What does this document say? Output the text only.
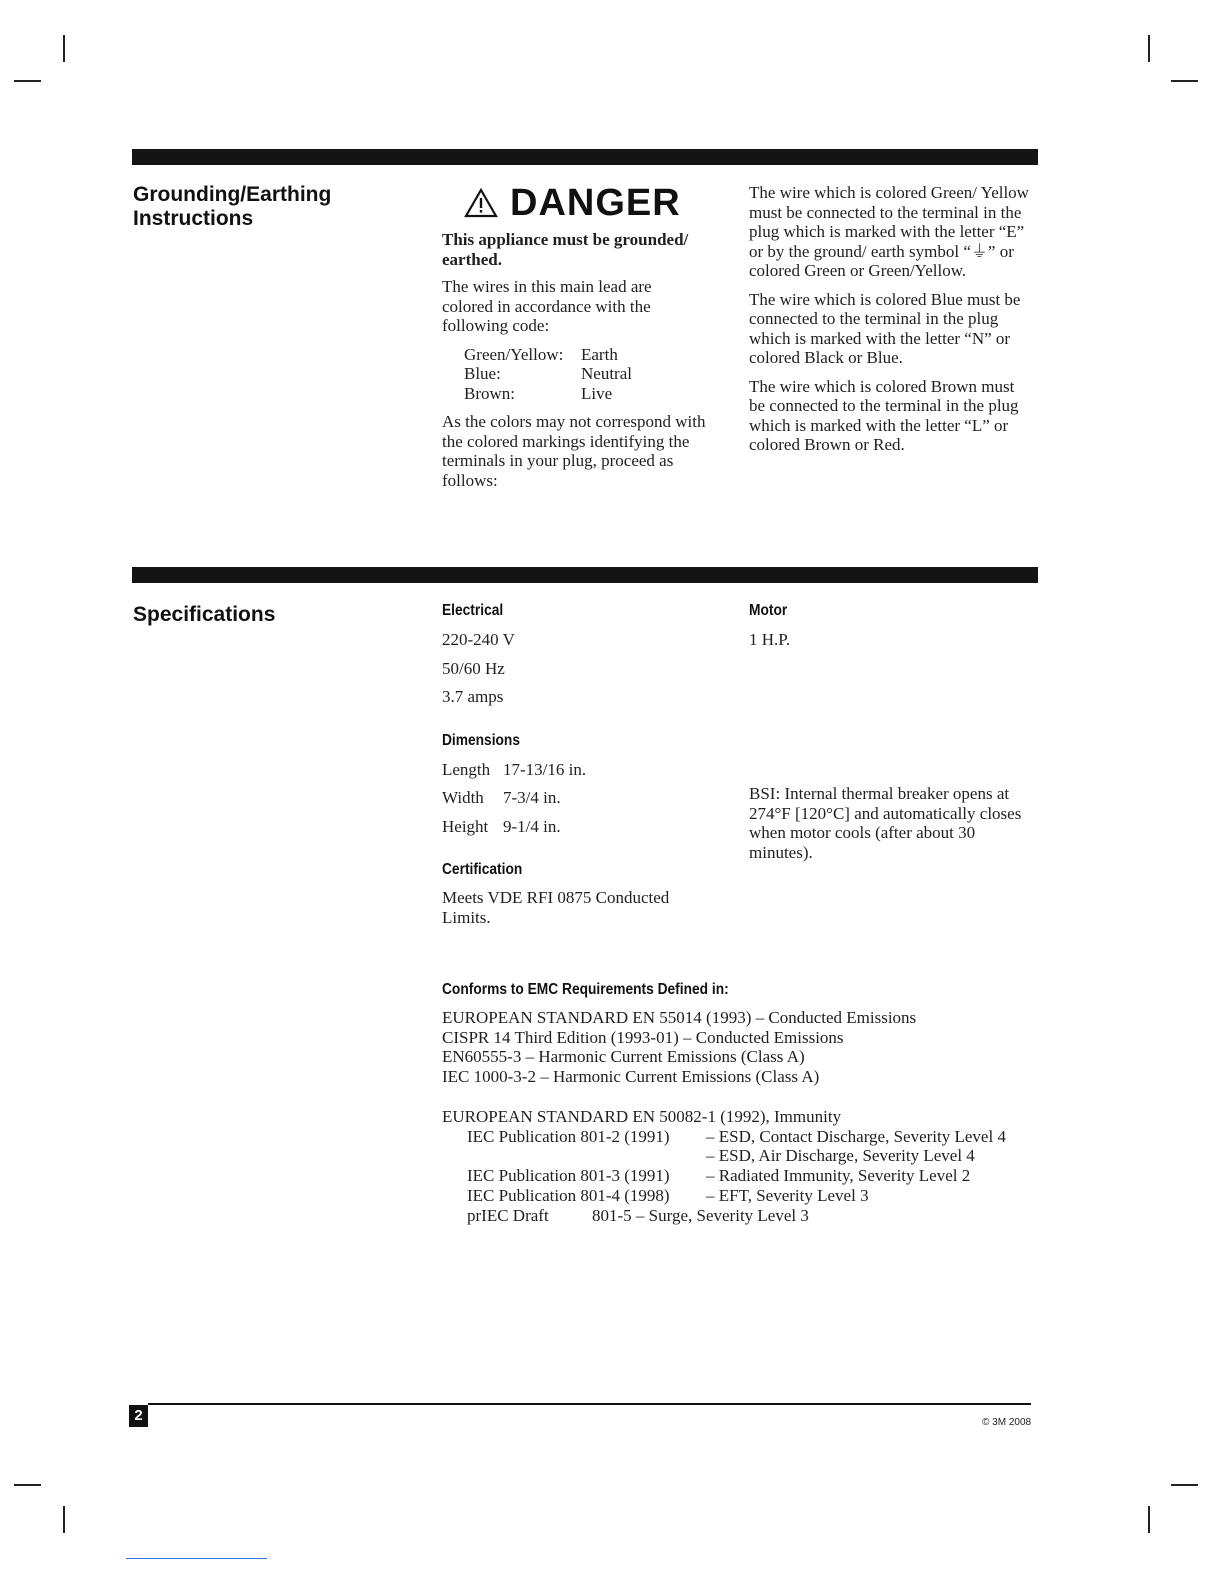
Grounding/Earthing
Instructions	DANGER
This appliance must be grounded/
earthed.

The wires in this main lead are colored in accordance with the following code:

Green/Yellow:	Earth
Blue:	Neutral
Brown:	Live

As the colors may not correspond with the colored markings identifying the terminals in your plug, proceed as follows:

The wire which is colored Green/ Yellow must be connected to the terminal in the plug which is marked with the letter “E” or by the ground/ earth symbol “⏚” or colored Green or Green/Yellow.

The wire which is colored Blue must be connected to the terminal in the plug which is marked with the letter “N” or colored Black or Blue.

The wire which is colored Brown must be connected to the terminal in the plug which is marked with the letter “L” or colored Brown or Red.

Specifications	Electrical
220-240 V
50/60 Hz
3.7 amps
Motor
1 H.P.
Dimensions
Length 17-13/16 in.
Width 7-3/4 in.
Height 9-1/4 in.
BSI: Internal thermal breaker opens at 274°F [120°C] and automatically closes when motor cools (after about 30 minutes).
Certification
Meets VDE RFI 0875 Conducted Limits.
Conforms to EMC Requirements Defined in:
EUROPEAN STANDARD EN 55014 (1993) – Conducted Emissions
CISPR 14 Third Edition (1993-01) – Conducted Emissions
EN60555-3 – Harmonic Current Emissions (Class A)
IEC 1000-3-2 – Harmonic Current Emissions (Class A)
EUROPEAN STANDARD EN 50082-1 (1992), Immunity
IEC Publication 801-2 (1991)	– ESD, Contact Discharge, Severity Level 4
– ESD, Air Discharge, Severity Level 4
IEC Publication 801-3 (1991)	– Radiated Immunity, Severity Level 2
IEC Publication 801-4 (1998)	– EFT, Severity Level 3
prIEC Draft	801-5 – Surge, Severity Level 3
2	© 3M 2008
